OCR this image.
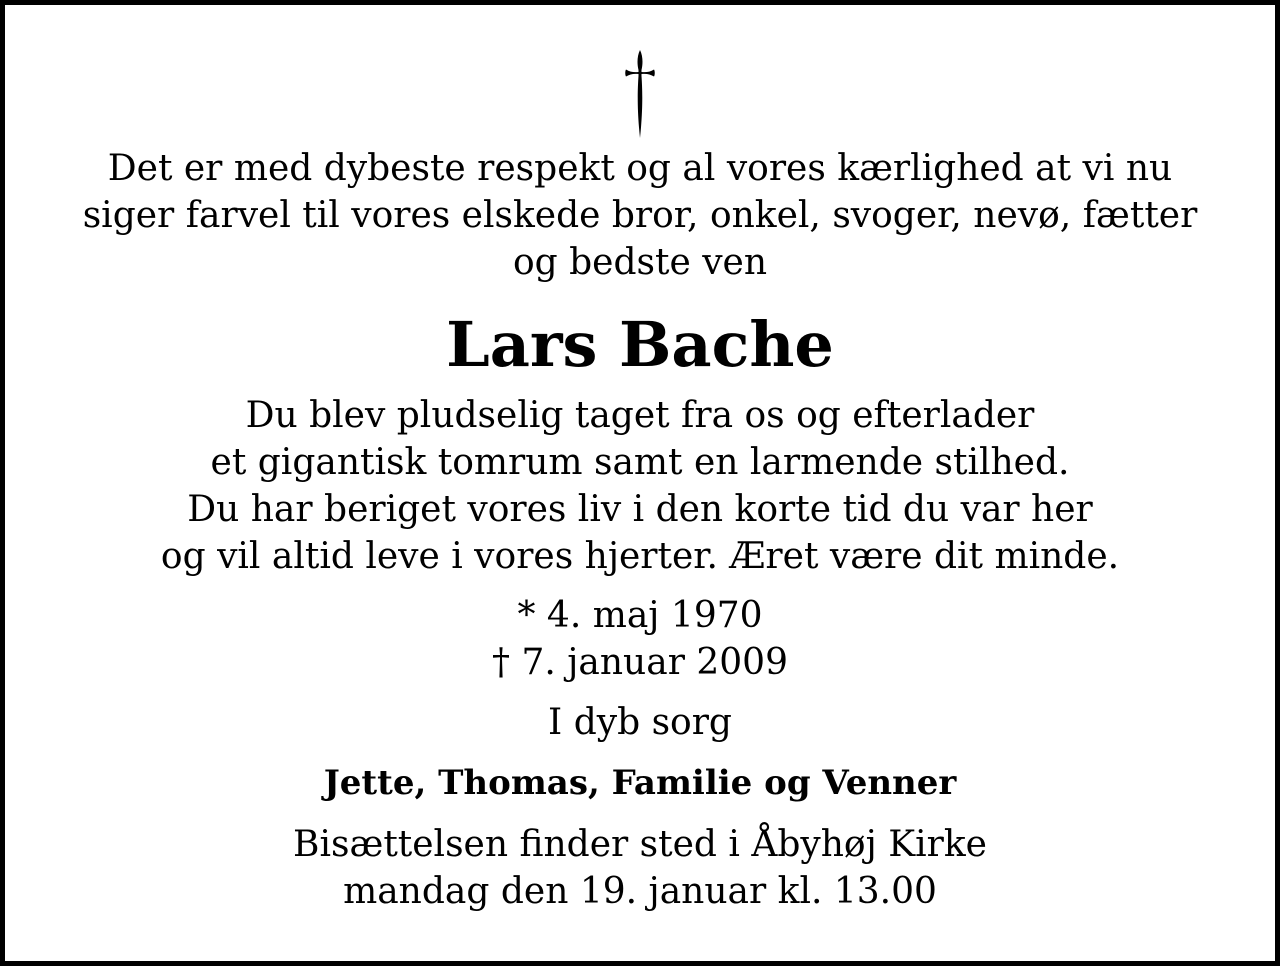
Det er med dybeste respekt og al vores kærlighed at vi nu
siger farvel til vores elskede bror, onkel, svoger, nevø, fætter
og bedste ven

Lars Bache

Du blev pludselig taget fra os og efterlader
et gigantisk tomrum samt en larmende stilhed.
Du har beriget vores liv i den korte tid du var her
og vil altid leve i vores hjerter. Æret være dit minde.

* 4. maj 1970
† 7. januar 2009

I dyb sorg

Jette, Thomas, Familie og Venner

Bisættelsen finder sted i Åbyhøj Kirke
mandag den 19. januar kl. 13.00
